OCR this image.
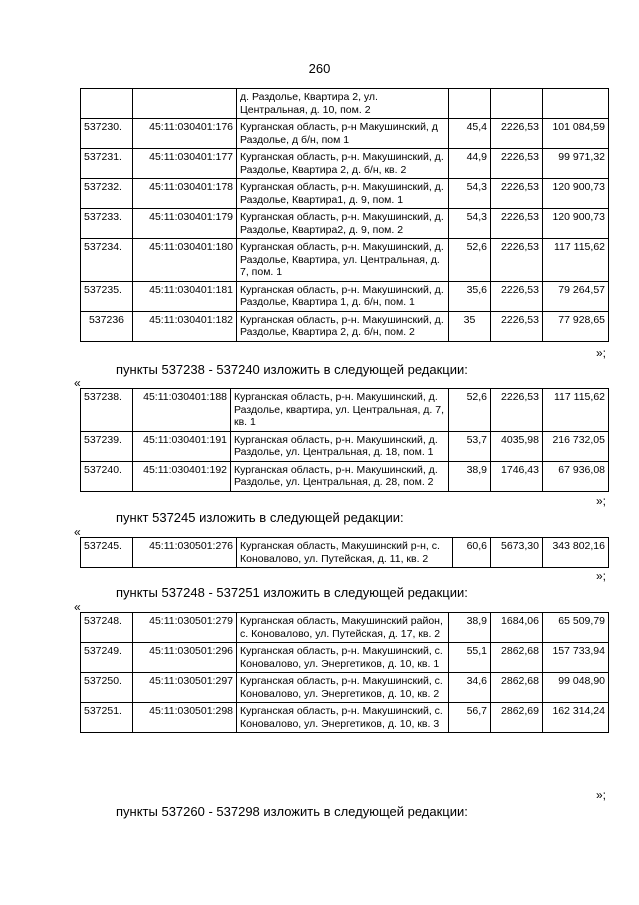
260
		д. Раздолье, Квартира 2, ул. Центральная, д. 10, пом. 2			
537230.	45:11:030401:176	Курганская область, р-н Макушинский, д Раздолье, д б/н, пом 1	45,4	2226,53	101 084,59
537231.	45:11:030401:177	Курганская область, р-н. Макушинский, д. Раздолье, Квартира 2, д. б/н, кв. 2	44,9	2226,53	99 971,32
537232.	45:11:030401:178	Курганская область, р-н. Макушинский, д. Раздолье, Квартира1, д. 9, пом. 1	54,3	2226,53	120 900,73
537233.	45:11:030401:179	Курганская область, р-н. Макушинский, д. Раздолье, Квартира2, д. 9, пом. 2	54,3	2226,53	120 900,73
537234.	45:11:030401:180	Курганская область, р-н. Макушинский, д. Раздолье, Квартира, ул. Центральная, д. 7, пом. 1	52,6	2226,53	117 115,62
537235.	45:11:030401:181	Курганская область, р-н. Макушинский, д. Раздолье, Квартира 1, д. б/н, пом. 1	35,6	2226,53	79 264,57
537236	45:11:030401:182	Курганская область, р-н. Макушинский, д. Раздолье, Квартира 2, д. б/н, пом. 2	35	2226,53	77 928,65
»;
пункты 537238 - 537240 изложить в следующей редакции:
«
537238.	45:11:030401:188	Курганская область, р-н. Макушинский, д. Раздолье, квартира, ул. Центральная, д. 7, кв. 1	52,6	2226,53	117 115,62
537239.	45:11:030401:191	Курганская область, р-н. Макушинский, д. Раздолье, ул. Центральная, д. 18, пом. 1	53,7	4035,98	216 732,05
537240.	45:11:030401:192	Курганская область, р-н. Макушинский, д. Раздолье, ул. Центральная, д. 28, пом. 2	38,9	1746,43	67 936,08
»;
пункт 537245 изложить в следующей редакции:
«
537245.	45:11:030501:276	Курганская область, Макушинский р-н, с. Коновалово, ул. Путейская, д. 11, кв. 2	60,6	5673,30	343 802,16
»;
пункты 537248 - 537251 изложить в следующей редакции:
«
537248.	45:11:030501:279	Курганская область, Макушинский район, с. Коновалово, ул. Путейская, д. 17, кв. 2	38,9	1684,06	65 509,79
537249.	45:11:030501:296	Курганская область, р-н. Макушинский, с. Коновалово, ул. Энергетиков, д. 10, кв. 1	55,1	2862,68	157 733,94
537250.	45:11:030501:297	Курганская область, р-н. Макушинский, с. Коновалово, ул. Энергетиков, д. 10, кв. 2	34,6	2862,68	99 048,90
537251.	45:11:030501:298	Курганская область, р-н. Макушинский, с. Коновалово, ул. Энергетиков, д. 10, кв. 3	56,7	2862,69	162 314,24
»;
пункты 537260 - 537298 изложить в следующей редакции:
